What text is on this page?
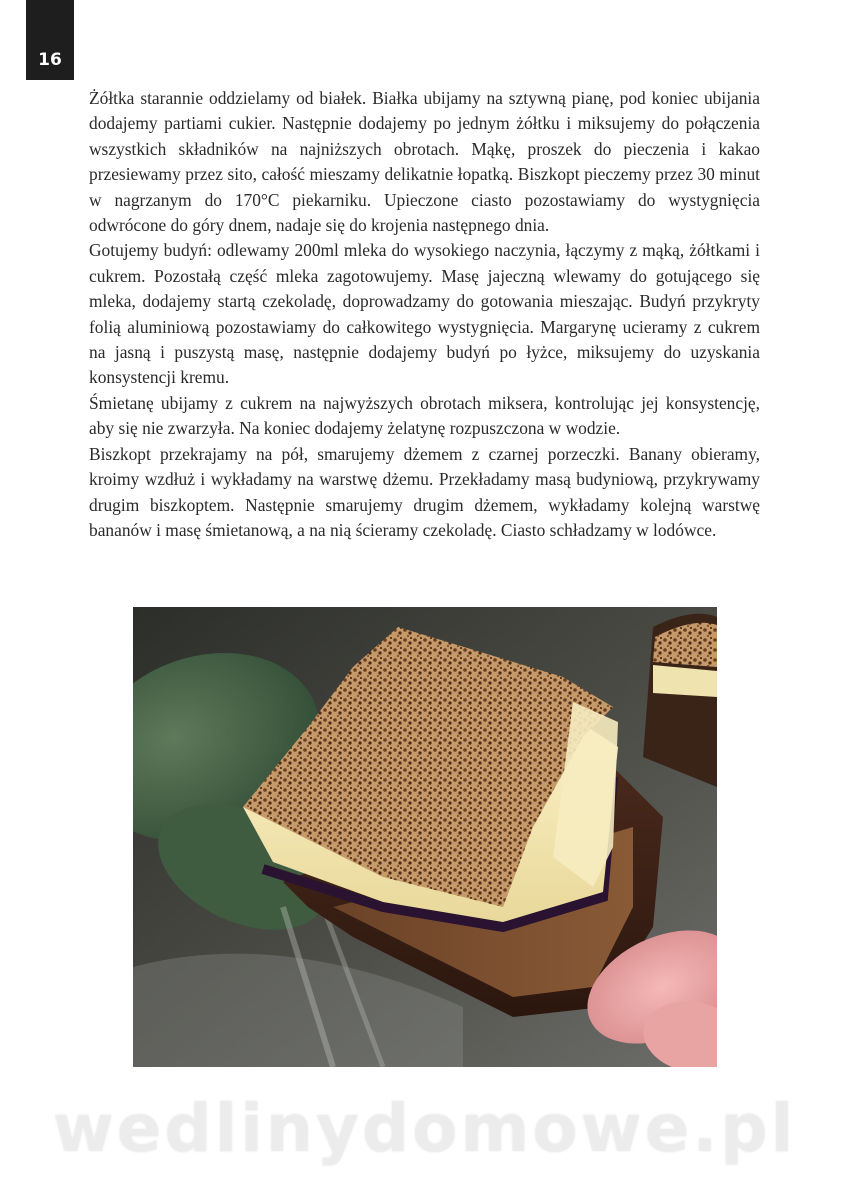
16

Żółtka starannie oddzielamy od białek. Białka ubijamy na sztywną pianę, pod koniec ubijania dodajemy partiami cukier. Następnie dodajemy po jednym żółtku i miksujemy do połączenia wszystkich składników na najniższych obrotach. Mąkę, proszek do pieczenia i kakao przesiewamy przez sito, całość mieszamy delikatnie łopatką. Biszkopt pieczemy przez 30 minut w nagrzanym do 170°C piekarniku. Upieczone ciasto pozostawiamy do wystygnięcia odwrócone do góry dnem, nadaje się do krojenia następnego dnia.

Gotujemy budyń: odlewamy 200ml mleka do wysokiego naczynia, łączymy z mąką, żółtkami i cukrem. Pozostałą część mleka zagotowujemy. Masę jajeczną wlewamy do gotującego się mleka, dodajemy startą czekoladę, doprowadzamy do gotowania mieszając. Budyń przykryty folią aluminiową pozostawiamy do całkowitego wystygnięcia. Margarynę ucieramy z cukrem na jasną i puszystą masę, następnie dodajemy budyń po łyżce, miksujemy do uzyskania konsystencji kremu.

Śmietanę ubijamy z cukrem na najwyższych obrotach miksera, kontrolując jej konsystencję, aby się nie zwarzyła. Na koniec dodajemy żelatynę rozpuszczona w wodzie.

Biszkopt przekrajamy na pół, smarujemy dżemem z czarnej porzeczki. Banany obieramy, kroimy wzdłuż i wykładamy na warstwę dżemu. Przekładamy masą budyniową, przykrywamy drugim biszkoptem. Następnie smarujemy drugim dżemem, wykładamy kolejną warstwę bananów i masę śmietanową, a na nią ścieramy czekoladę. Ciasto schładzamy w lodówce.

wedlinydomowe.pl
